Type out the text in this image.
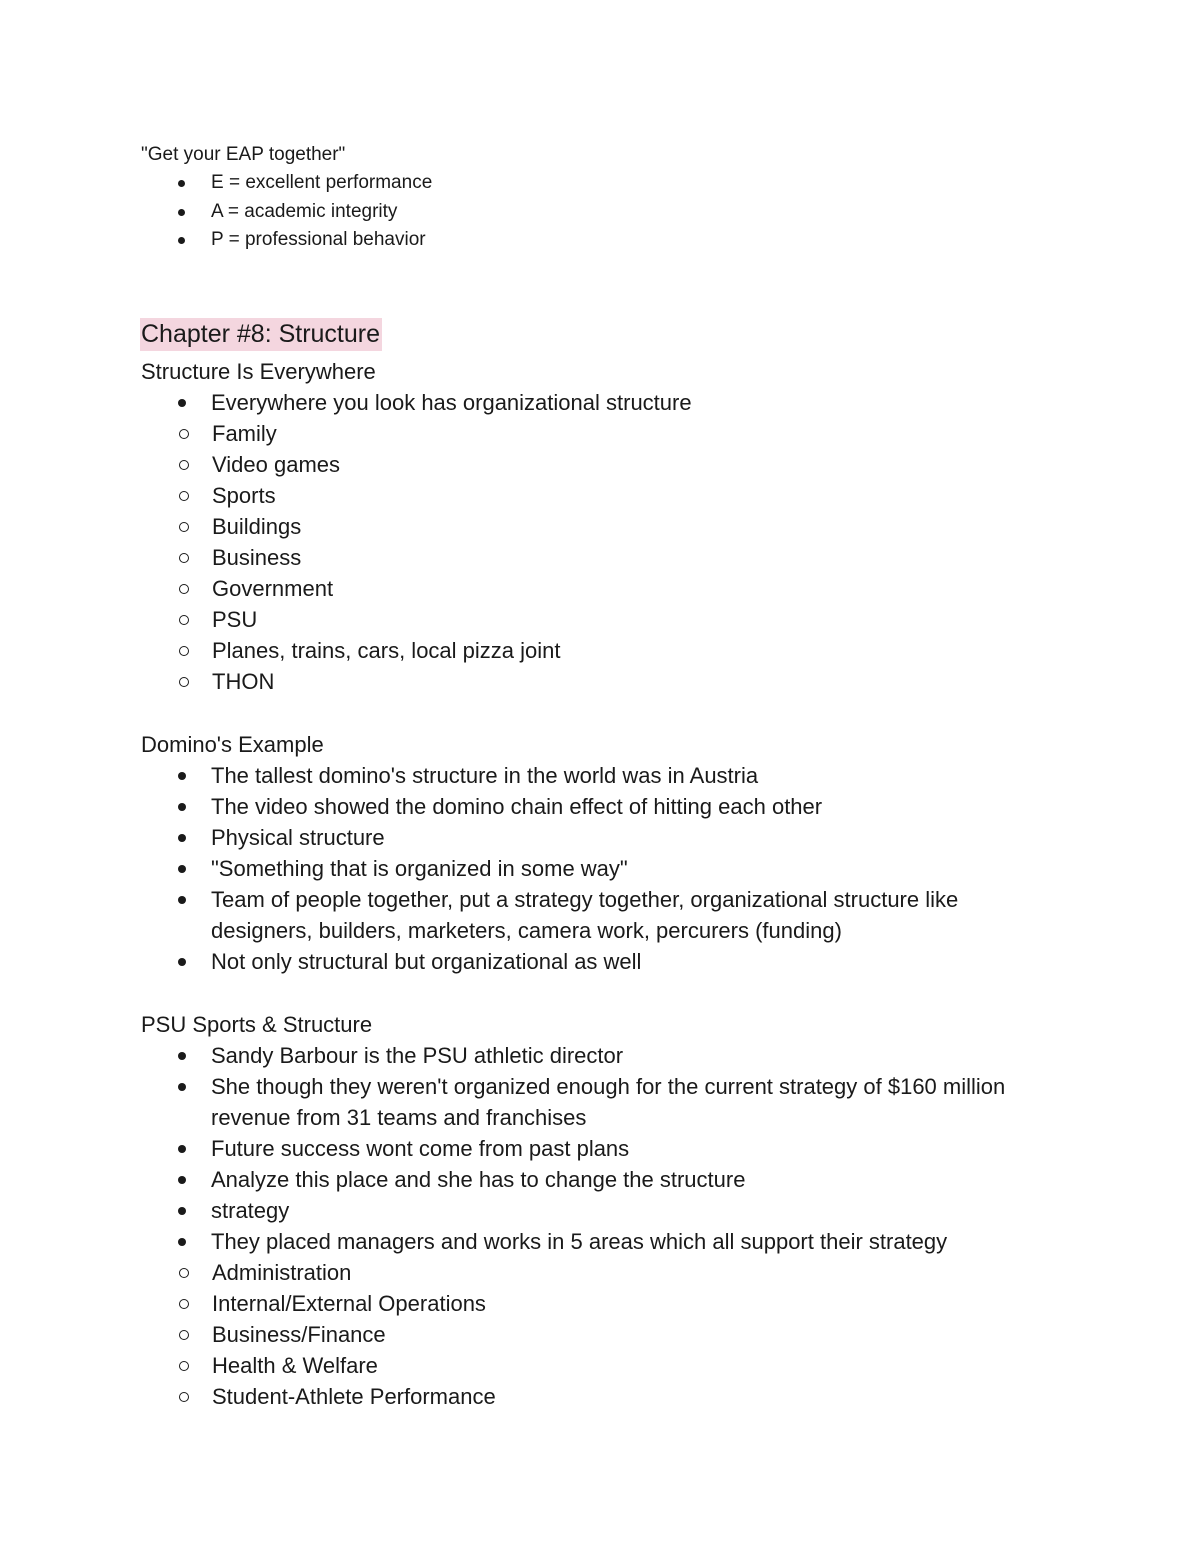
"Get your EAP together"
E = excellent performance
A = academic integrity
P = professional behavior
Chapter #8: Structure
Structure Is Everywhere
Everywhere you look has organizational structure
Family
Video games
Sports
Buildings
Business
Government
PSU
Planes, trains, cars, local pizza joint
THON
Domino's Example
The tallest domino's structure in the world was in Austria
The video showed the domino chain effect of hitting each other
Physical structure
"Something that is organized in some way"
Team of people together, put a strategy together, organizational structure like designers, builders, marketers, camera work, percurers (funding)
Not only structural but organizational as well
PSU Sports & Structure
Sandy Barbour is the PSU athletic director
She though they weren't organized enough for the current strategy of $160 million revenue from 31 teams and franchises
Future success wont come from past plans
Analyze this place and she has to change the structure
strategy
They placed managers and works in 5 areas which all support their strategy
Administration
Internal/External Operations
Business/Finance
Health & Welfare
Student-Athlete Performance
